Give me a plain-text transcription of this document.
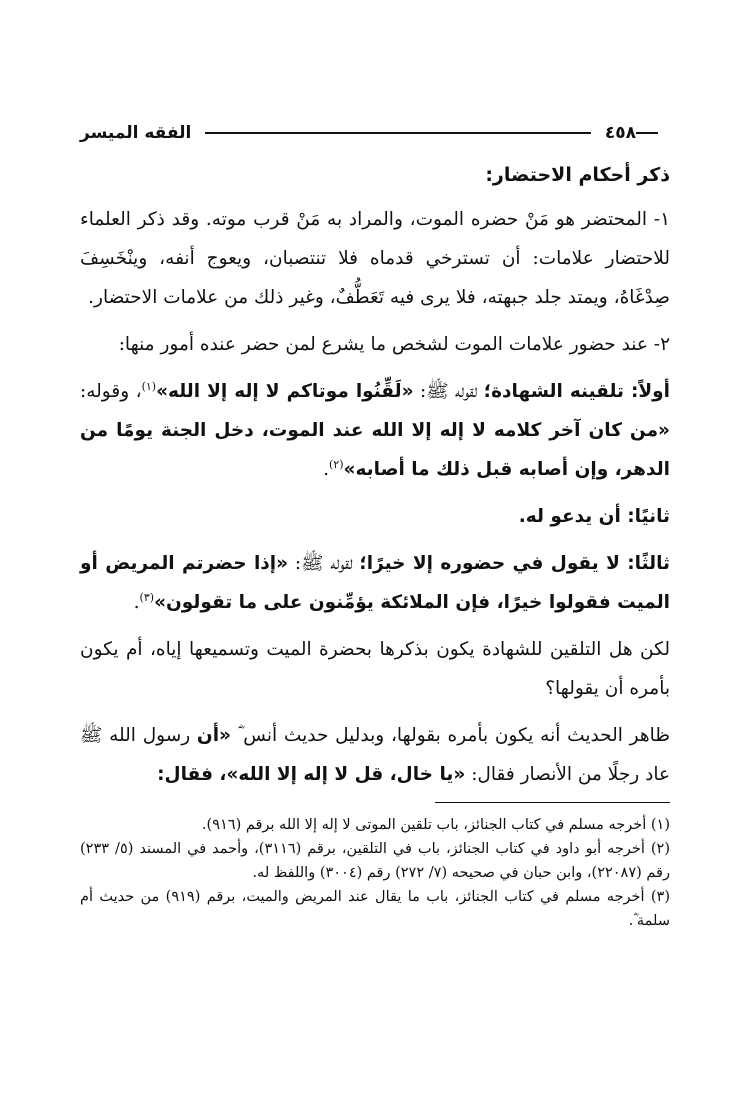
٤٥٨
الفقه الميسر
ذكر أحكام الاحتضار:

١- المحتضر هو مَنْ حضره الموت، والمراد به مَنْ قرب موته. وقد ذكر العلماء للاحتضار علامات: أن تسترخي قدماه فلا تنتصبان، ويعوج أنفه، وينْخَسِفَ صِدْغَاهُ، ويمتد جلد جبهته، فلا يرى فيه تَعَطُّفٌ، وغير ذلك من علامات الاحتضار.

٢- عند حضور علامات الموت لشخص ما يشرع لمن حضر عنده أمور منها:

أولاً: تلقينه الشهادة؛ لقوله ﷺ: «لَقِّنُوا موتاكم لا إله إلا الله»$^{(١)}$، وقوله: «من كان آخر كلامه لا إله إلا الله عند الموت، دخل الجنة يومًا من الدهر، وإن أصابه قبل ذلك ما أصابه»$^{(٢)}$.

ثانيًا: أن يدعو له.

ثالثًا: لا يقول في حضوره إلا خيرًا؛ لقوله ﷺ: «إذا حضرتم المريض أو الميت فقولوا خيرًا، فإن الملائكة يؤمِّنون على ما تقولون»$^{(٣)}$.

لكن هل التلقين للشهادة يكون بذكرها بحضرة الميت وتسميعها إياه، أم يكون بأمره أن يقولها؟

ظاهر الحديث أنه يكون بأمره بقولها، وبدليل حديث أنس ؓ «أن رسول الله ﷺ عاد رجلًا من الأنصار فقال: «يا خال، قل لا إله إلا الله»، فقال:

(١) أخرجه مسلم في كتاب الجنائز، باب تلقين الموتى لا إله إلا الله برقم (٩١٦).

(٢) أخرجه أبو داود في كتاب الجنائز، باب في التلقين، برقم (٣١١٦)، وأحمد في المسند (٥/ ٢٣٣) رقم (٢٢٠٨٧)، وابن حبان في صحيحه (٧/ ٢٧٢) رقم (٣٠٠٤) واللفظ له.

(٣) أخرجه مسلم في كتاب الجنائز، باب ما يقال عند المريض والميت، برقم (٩١٩) من حديث أم سلمة ؓ.
